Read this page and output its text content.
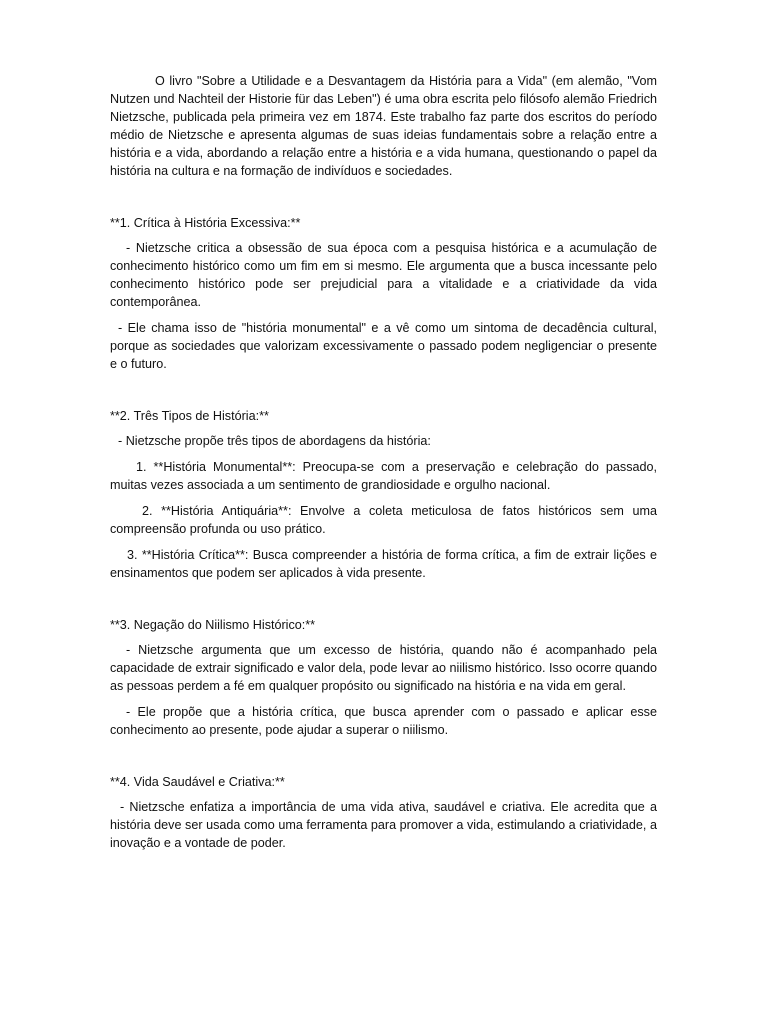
O livro "Sobre a Utilidade e a Desvantagem da História para a Vida" (em alemão, "Vom Nutzen und Nachteil der Historie für das Leben") é uma obra escrita pelo filósofo alemão Friedrich Nietzsche, publicada pela primeira vez em 1874. Este trabalho faz parte dos escritos do período médio de Nietzsche e apresenta algumas de suas ideias fundamentais sobre a relação entre a história e a vida, abordando a relação entre a história e a vida humana, questionando o papel da história na cultura e na formação de indivíduos e sociedades.

**1. Crítica à História Excessiva:**

- Nietzsche critica a obsessão de sua época com a pesquisa histórica e a acumulação de conhecimento histórico como um fim em si mesmo. Ele argumenta que a busca incessante pelo conhecimento histórico pode ser prejudicial para a vitalidade e a criatividade da vida contemporânea.

- Ele chama isso de "história monumental" e a vê como um sintoma de decadência cultural, porque as sociedades que valorizam excessivamente o passado podem negligenciar o presente e o futuro.

**2. Três Tipos de História:**

- Nietzsche propõe três tipos de abordagens da história:

1. **História Monumental**: Preocupa-se com a preservação e celebração do passado, muitas vezes associada a um sentimento de grandiosidade e orgulho nacional.

2. **História Antiquária**: Envolve a coleta meticulosa de fatos históricos sem uma compreensão profunda ou uso prático.

3. **História Crítica**: Busca compreender a história de forma crítica, a fim de extrair lições e ensinamentos que podem ser aplicados à vida presente.

**3. Negação do Niilismo Histórico:**

- Nietzsche argumenta que um excesso de história, quando não é acompanhado pela capacidade de extrair significado e valor dela, pode levar ao niilismo histórico. Isso ocorre quando as pessoas perdem a fé em qualquer propósito ou significado na história e na vida em geral.

- Ele propõe que a história crítica, que busca aprender com o passado e aplicar esse conhecimento ao presente, pode ajudar a superar o niilismo.

**4. Vida Saudável e Criativa:**

- Nietzsche enfatiza a importância de uma vida ativa, saudável e criativa. Ele acredita que a história deve ser usada como uma ferramenta para promover a vida, estimulando a criatividade, a inovação e a vontade de poder.
